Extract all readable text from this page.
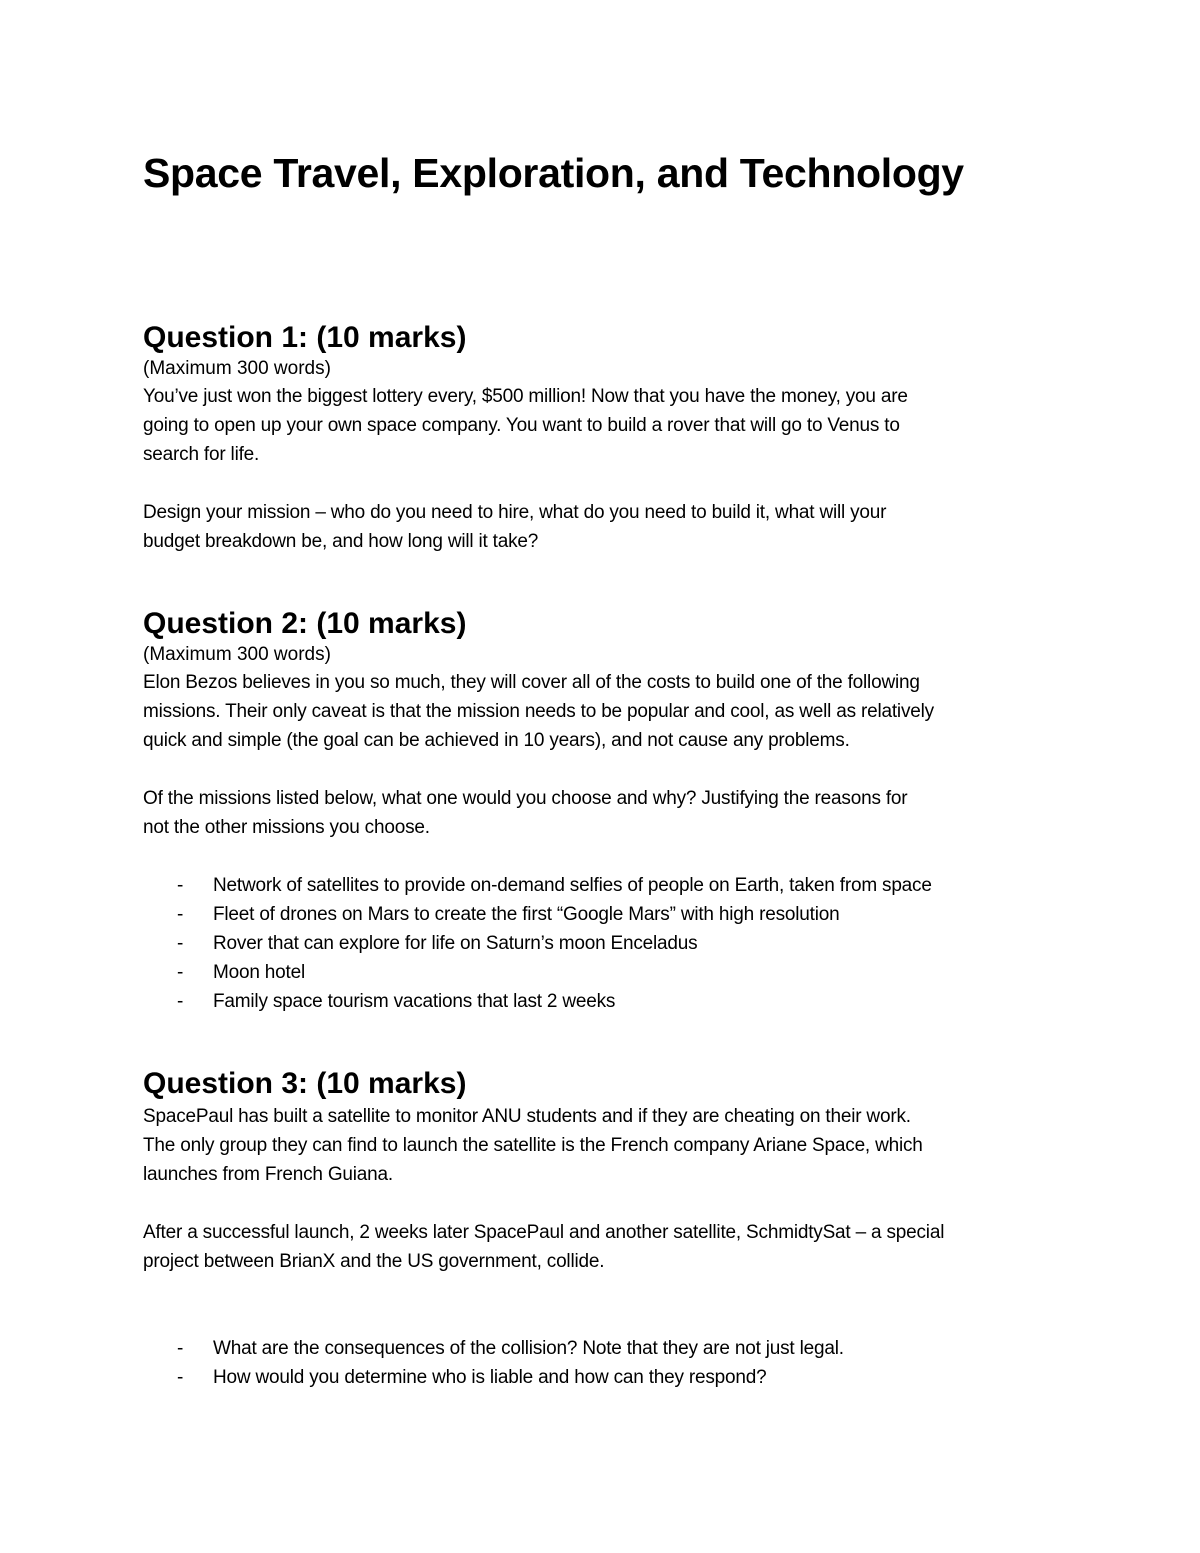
Space Travel, Exploration, and Technology
Question 1: (10 marks)

(Maximum 300 words)

You’ve just won the biggest lottery every, $500 million! Now that you have the money, you are

going to open up your own space company. You want to build a rover that will go to Venus to

search for life.

Design your mission – who do you need to hire, what do you need to build it, what will your

budget breakdown be, and how long will it take?

Question 2: (10 marks)

(Maximum 300 words)

Elon Bezos believes in you so much, they will cover all of the costs to build one of the following

missions. Their only caveat is that the mission needs to be popular and cool, as well as relatively

quick and simple (the goal can be achieved in 10 years), and not cause any problems.

Of the missions listed below, what one would you choose and why? Justifying the reasons for

not the other missions you choose.

- Network of satellites to provide on-demand selfies of people on Earth, taken from space
- Fleet of drones on Mars to create the first “Google Mars” with high resolution
- Rover that can explore for life on Saturn’s moon Enceladus
- Moon hotel
- Family space tourism vacations that last 2 weeks
Question 3: (10 marks)

SpacePaul has built a satellite to monitor ANU students and if they are cheating on their work.

The only group they can find to launch the satellite is the French company Ariane Space, which

launches from French Guiana.

After a successful launch, 2 weeks later SpacePaul and another satellite, SchmidtySat – a special

project between BrianX and the US government, collide.

- What are the consequences of the collision? Note that they are not just legal.
- How would you determine who is liable and how can they respond?
